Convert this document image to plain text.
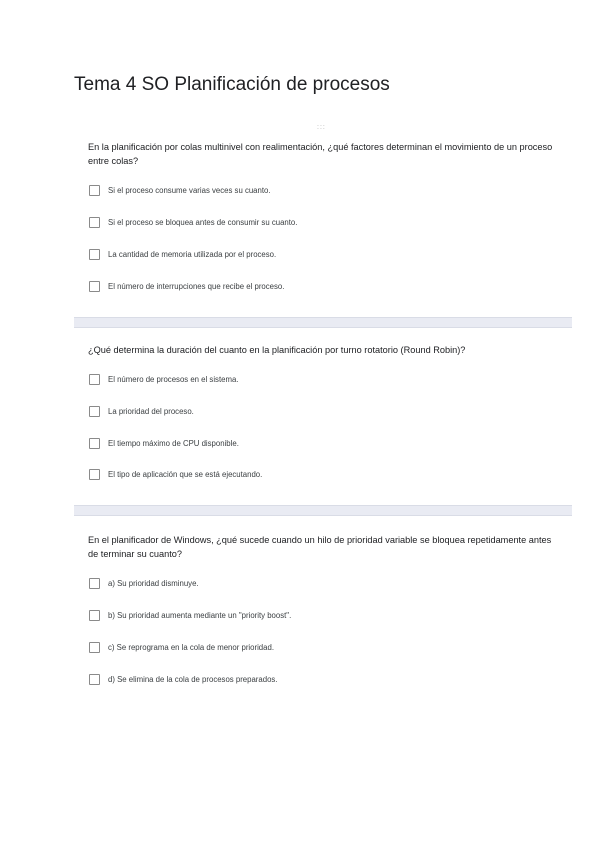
Tema 4 SO Planificación de procesos
:::

En la planificación por colas multinivel con realimentación, ¿qué factores determinan el movimiento de un proceso entre colas?

Si el proceso consume varias veces su cuanto.
Si el proceso se bloquea antes de consumir su cuanto.
La cantidad de memoria utilizada por el proceso.
El número de interrupciones que recibe el proceso.

¿Qué determina la duración del cuanto en la planificación por turno rotatorio (Round Robin)?

El número de procesos en el sistema.
La prioridad del proceso.
El tiempo máximo de CPU disponible.
El tipo de aplicación que se está ejecutando.

En el planificador de Windows, ¿qué sucede cuando un hilo de prioridad variable se bloquea repetidamente antes de terminar su cuanto?

a) Su prioridad disminuye.
b) Su prioridad aumenta mediante un "priority boost".
c) Se reprograma en la cola de menor prioridad.
d) Se elimina de la cola de procesos preparados.
